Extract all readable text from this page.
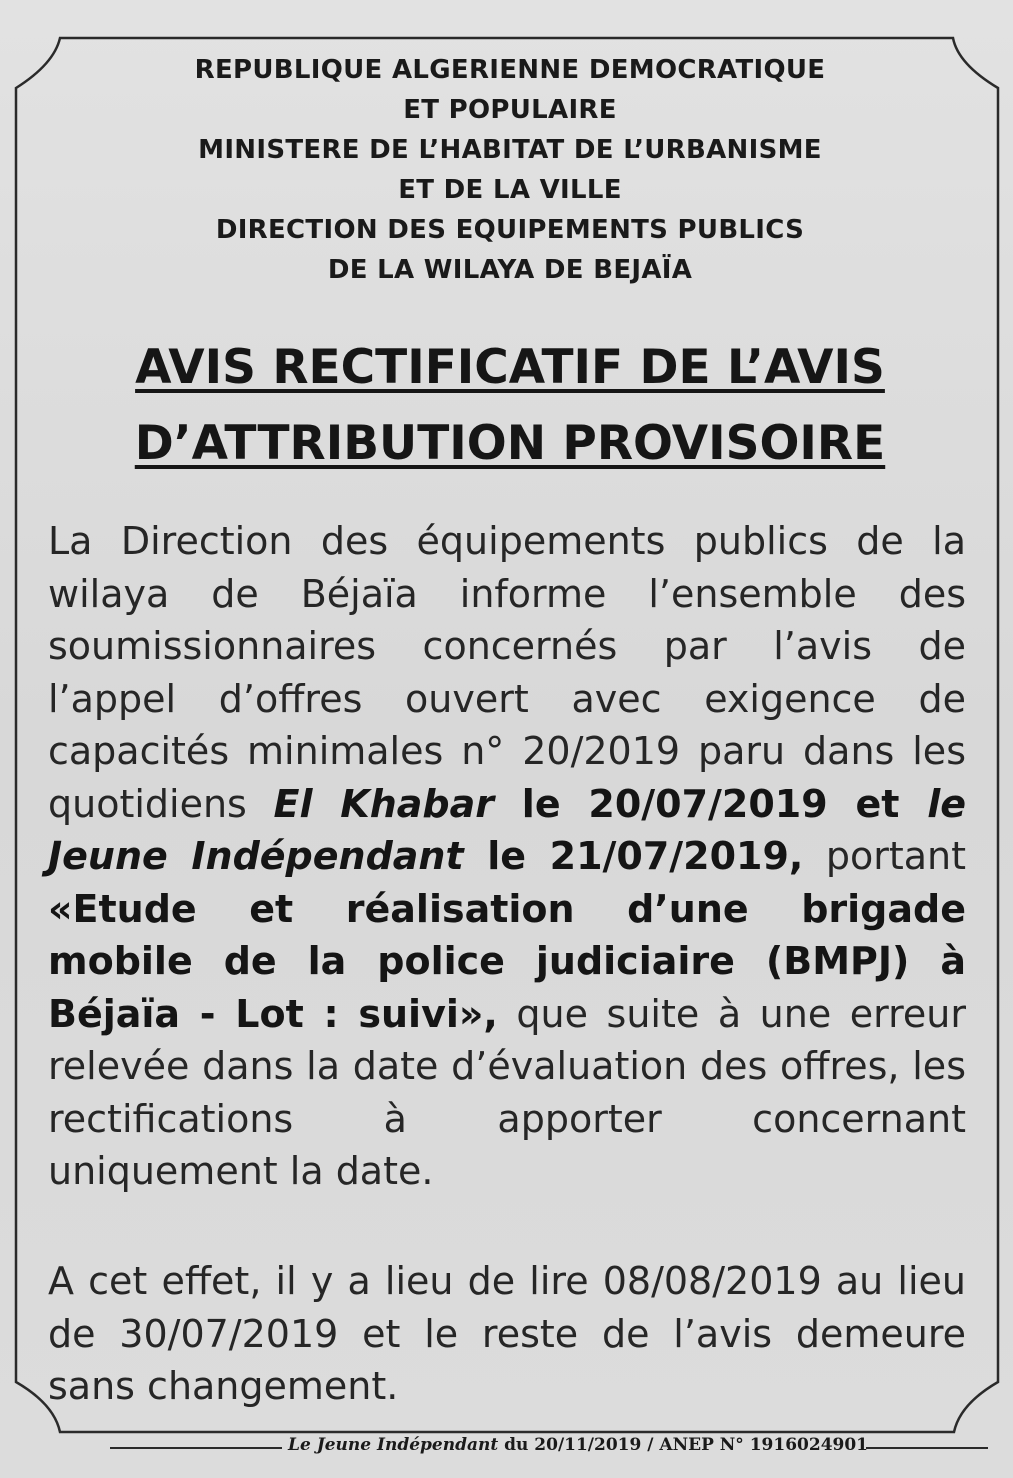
REPUBLIQUE ALGERIENNE DEMOCRATIQUE
ET POPULAIRE
MINISTERE DE L’HABITAT DE L’URBANISME
ET DE LA VILLE
DIRECTION DES EQUIPEMENTS PUBLICS
DE LA WILAYA DE BEJAÏA
AVIS RECTIFICATIF DE L’AVIS
D’ATTRIBUTION PROVISOIRE
La Direction des équipements publics de la wilaya de Béjaïa informe l’ensemble des soumissionnaires concernés par l’avis de l’appel d’offres ouvert avec exigence de capacités minimales n° 20/2019 paru dans les quotidiens El Khabar le 20/07/2019 et le Jeune Indépendant le 21/07/2019, portant «Etude et réalisation d’une brigade mobile de la police judiciaire (BMPJ) à Béjaïa - Lot : suivi», que suite à une erreur relevée dans la date d’évaluation des offres, les rectifications à apporter concernant uniquement la date.
A cet effet, il y a lieu de lire 08/08/2019 au lieu de 30/07/2019 et le reste de l’avis demeure sans changement.
Le Jeune Indépendant du 20/11/2019 / ANEP N° 1916024901
